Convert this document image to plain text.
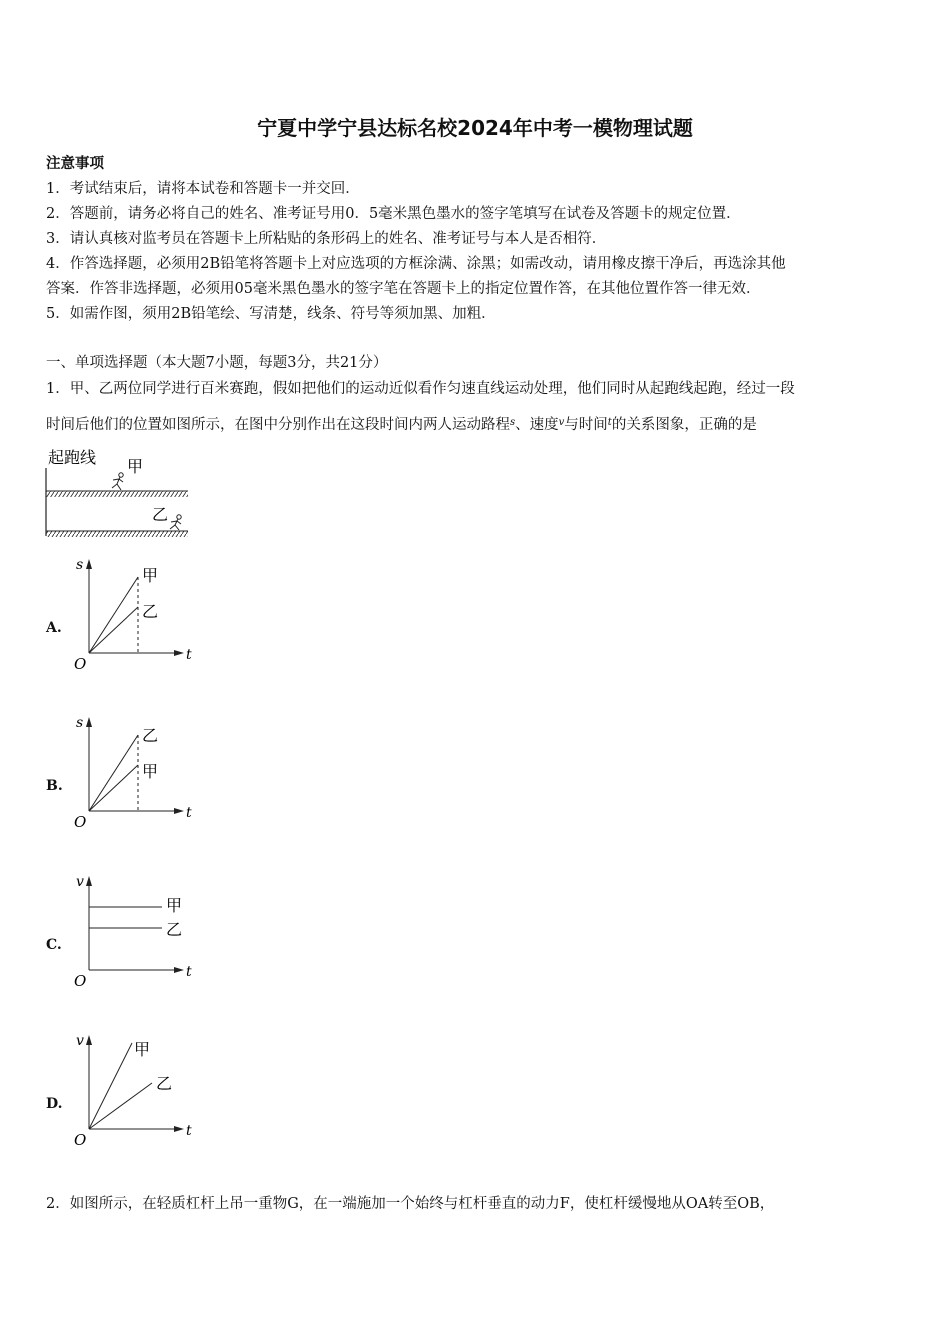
宁夏中学宁县达标名校2024年中考一模物理试题
注意事项
1．考试结束后，请将本试卷和答题卡一并交回．
2．答题前，请务必将自己的姓名、准考证号用0．5毫米黑色墨水的签字笔填写在试卷及答题卡的规定位置．
3．请认真核对监考员在答题卡上所粘贴的条形码上的姓名、准考证号与本人是否相符．
4．作答选择题，必须用2B铅笔将答题卡上对应选项的方框涂满、涂黑；如需改动，请用橡皮擦干净后，再选涂其他
答案．作答非选择题，必须用05毫米黑色墨水的签字笔在答题卡上的指定位置作答，在其他位置作答一律无效．
5．如需作图，须用2B铅笔绘、写清楚，线条、符号等须加黑、加粗．
一、单项选择题（本大题7小题，每题3分，共21分）
1．甲、乙两位同学进行百米赛跑，假如把他们的运动近似看作匀速直线运动处理，他们同时从起跑线起跑，经过一段
时间后他们的位置如图所示，在图中分别作出在这段时间内两人运动路程$^s$、速度$^v$与时间$^t$的关系图象，正确的是
起跑线 甲
乙
A.
s
t
O
甲
乙
B.
s
t
O
乙
甲
C.
v
t
O
甲
乙
D.
v
t
O
甲
乙
2．如图所示，在轻质杠杆上吊一重物G，在一端施加一个始终与杠杆垂直的动力F，使杠杆缓慢地从OA转至OB，
